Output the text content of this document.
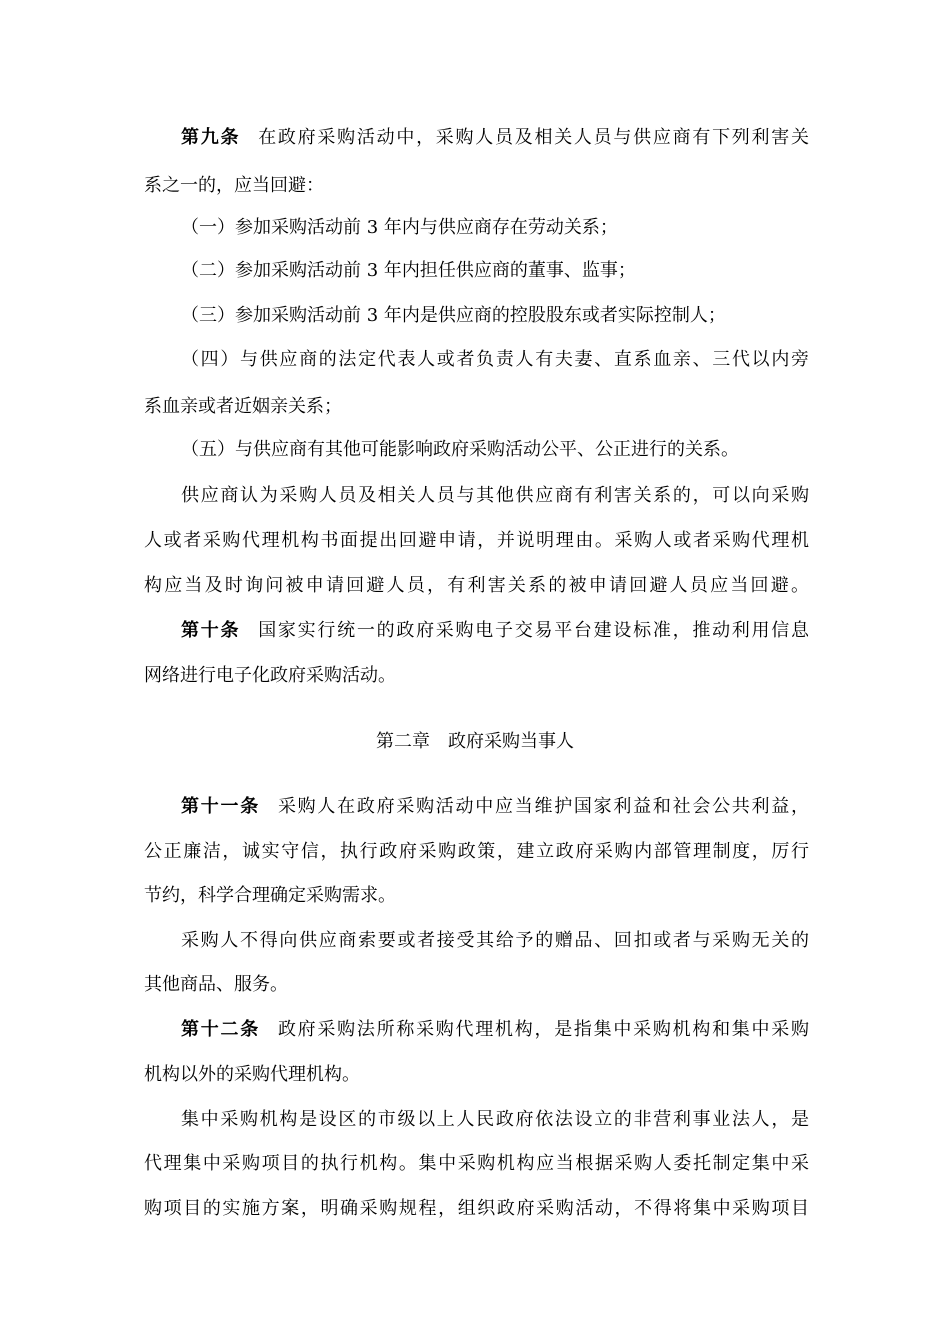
第九条 在政府采购活动中，采购人员及相关人员与供应商有下列利害关
系之一的，应当回避：
（一）参加采购活动前 3 年内与供应商存在劳动关系；
（二）参加采购活动前 3 年内担任供应商的董事、监事；
（三）参加采购活动前 3 年内是供应商的控股股东或者实际控制人；
（四）与供应商的法定代表人或者负责人有夫妻、直系血亲、三代以内旁
系血亲或者近姻亲关系；
（五）与供应商有其他可能影响政府采购活动公平、公正进行的关系。
供应商认为采购人员及相关人员与其他供应商有利害关系的，可以向采购
人或者采购代理机构书面提出回避申请，并说明理由。采购人或者采购代理机
构应当及时询问被申请回避人员，有利害关系的被申请回避人员应当回避。
第十条 国家实行统一的政府采购电子交易平台建设标准，推动利用信息
网络进行电子化政府采购活动。
第二章　政府采购当事人
第十一条 采购人在政府采购活动中应当维护国家利益和社会公共利益，
公正廉洁，诚实守信，执行政府采购政策，建立政府采购内部管理制度，厉行
节约，科学合理确定采购需求。
采购人不得向供应商索要或者接受其给予的赠品、回扣或者与采购无关的
其他商品、服务。
第十二条 政府采购法所称采购代理机构，是指集中采购机构和集中采购
机构以外的采购代理机构。
集中采购机构是设区的市级以上人民政府依法设立的非营利事业法人，是
代理集中采购项目的执行机构。集中采购机构应当根据采购人委托制定集中采
购项目的实施方案，明确采购规程，组织政府采购活动，不得将集中采购项目
